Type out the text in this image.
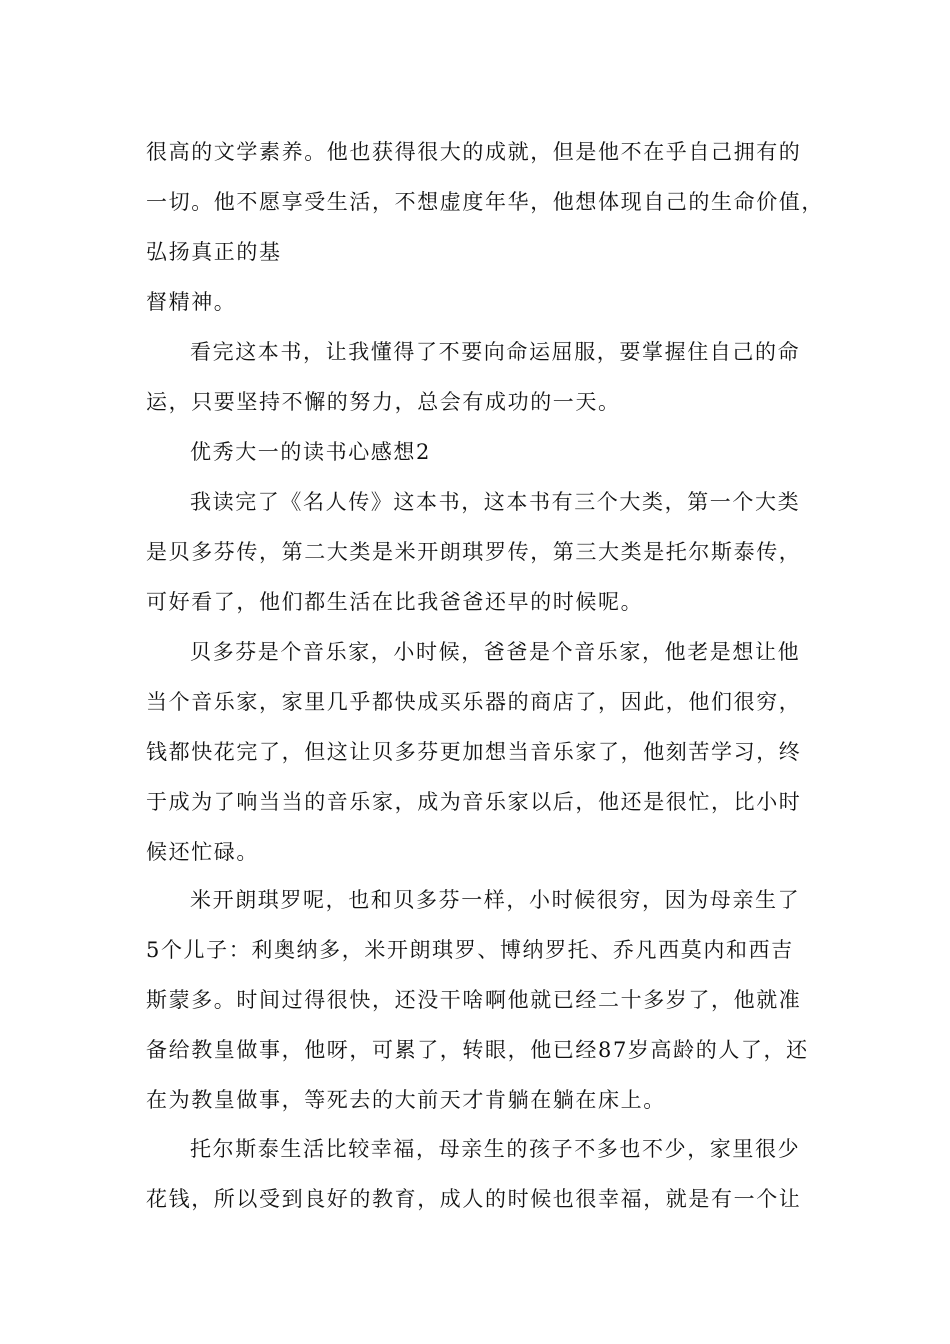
很高的文学素养。他也获得很大的成就，但是他不在乎自己拥有的
一切。他不愿享受生活，不想虚度年华，他想体现自己的生命价值，
弘扬真正的基
督精神。
看完这本书，让我懂得了不要向命运屈服，要掌握住自己的命
运，只要坚持不懈的努力，总会有成功的一天。
优秀大一的读书心感想2
我读完了《名人传》这本书，这本书有三个大类，第一个大类
是贝多芬传，第二大类是米开朗琪罗传，第三大类是托尔斯泰传，
可好看了，他们都生活在比我爸爸还早的时候呢。
贝多芬是个音乐家，小时候，爸爸是个音乐家，他老是想让他
当个音乐家，家里几乎都快成买乐器的商店了，因此，他们很穷，
钱都快花完了，但这让贝多芬更加想当音乐家了，他刻苦学习，终
于成为了响当当的音乐家，成为音乐家以后，他还是很忙，比小时
候还忙碌。
米开朗琪罗呢，也和贝多芬一样，小时候很穷，因为母亲生了
5个儿子：利奥纳多，米开朗琪罗、博纳罗托、乔凡西莫内和西吉
斯蒙多。时间过得很快，还没干啥啊他就已经二十多岁了，他就准
备给教皇做事，他呀，可累了，转眼，他已经87岁高龄的人了，还
在为教皇做事，等死去的大前天才肯躺在躺在床上。
托尔斯泰生活比较幸福，母亲生的孩子不多也不少，家里很少
花钱，所以受到良好的教育，成人的时候也很幸福，就是有一个让
